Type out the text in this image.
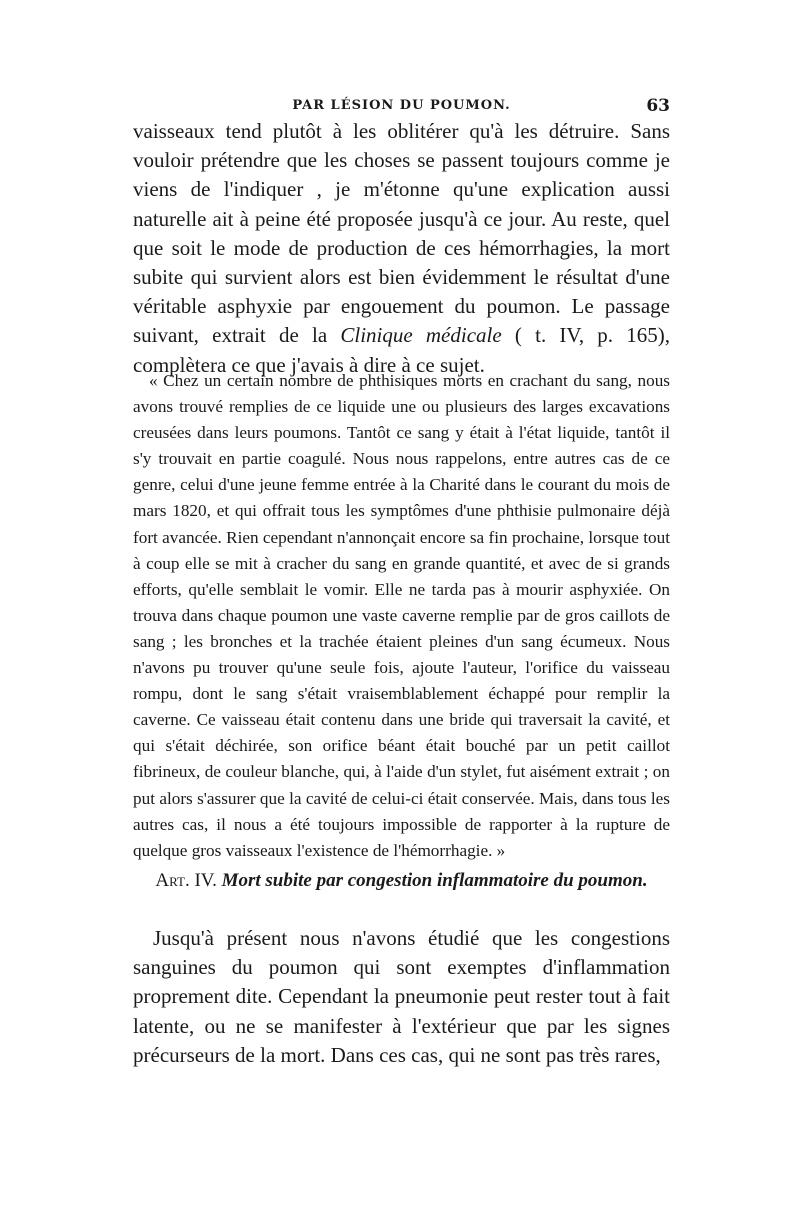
PAR LÉSION DU POUMON.	63
vaisseaux tend plutôt à les oblitérer qu'à les détruire. Sans vouloir prétendre que les choses se passent toujours comme je viens de l'indiquer , je m'étonne qu'une explication aussi naturelle ait à peine été proposée jusqu'à ce jour. Au reste, quel que soit le mode de production de ces hémorrhagies, la mort subite qui survient alors est bien évidemment le résultat d'une véritable asphyxie par engouement du poumon. Le passage suivant, extrait de la Clinique médicale ( t. IV, p. 165), complètera ce que j'avais à dire à ce sujet.
« Chez un certain nombre de phthisiques morts en crachant du sang, nous avons trouvé remplies de ce liquide une ou plusieurs des larges excavations creusées dans leurs poumons. Tantôt ce sang y était à l'état liquide, tantôt il s'y trouvait en partie coagulé. Nous nous rappelons, entre autres cas de ce genre, celui d'une jeune femme entrée à la Charité dans le courant du mois de mars 1820, et qui offrait tous les symptômes d'une phthisie pulmonaire déjà fort avancée. Rien cependant n'annonçait encore sa fin prochaine, lorsque tout à coup elle se mit à cracher du sang en grande quantité, et avec de si grands efforts, qu'elle semblait le vomir. Elle ne tarda pas à mourir asphyxiée. On trouva dans chaque poumon une vaste caverne remplie par de gros caillots de sang ; les bronches et la trachée étaient pleines d'un sang écumeux. Nous n'avons pu trouver qu'une seule fois, ajoute l'auteur, l'orifice du vaisseau rompu, dont le sang s'était vraisemblablement échappé pour remplir la caverne. Ce vaisseau était contenu dans une bride qui traversait la cavité, et qui s'était déchirée, son orifice béant était bouché par un petit caillot fibrineux, de couleur blanche, qui, à l'aide d'un stylet, fut aisément extrait ; on put alors s'assurer que la cavité de celui-ci était conservée. Mais, dans tous les autres cas, il nous a été toujours impossible de rapporter à la rupture de quelque gros vaisseaux l'existence de l'hémorrhagie. »
Art. IV. Mort subite par congestion inflammatoire du poumon.
Jusqu'à présent nous n'avons étudié que les congestions sanguines du poumon qui sont exemptes d'inflammation proprement dite. Cependant la pneumonie peut rester tout à fait latente, ou ne se manifester à l'extérieur que par les signes précurseurs de la mort. Dans ces cas, qui ne sont pas très rares,
